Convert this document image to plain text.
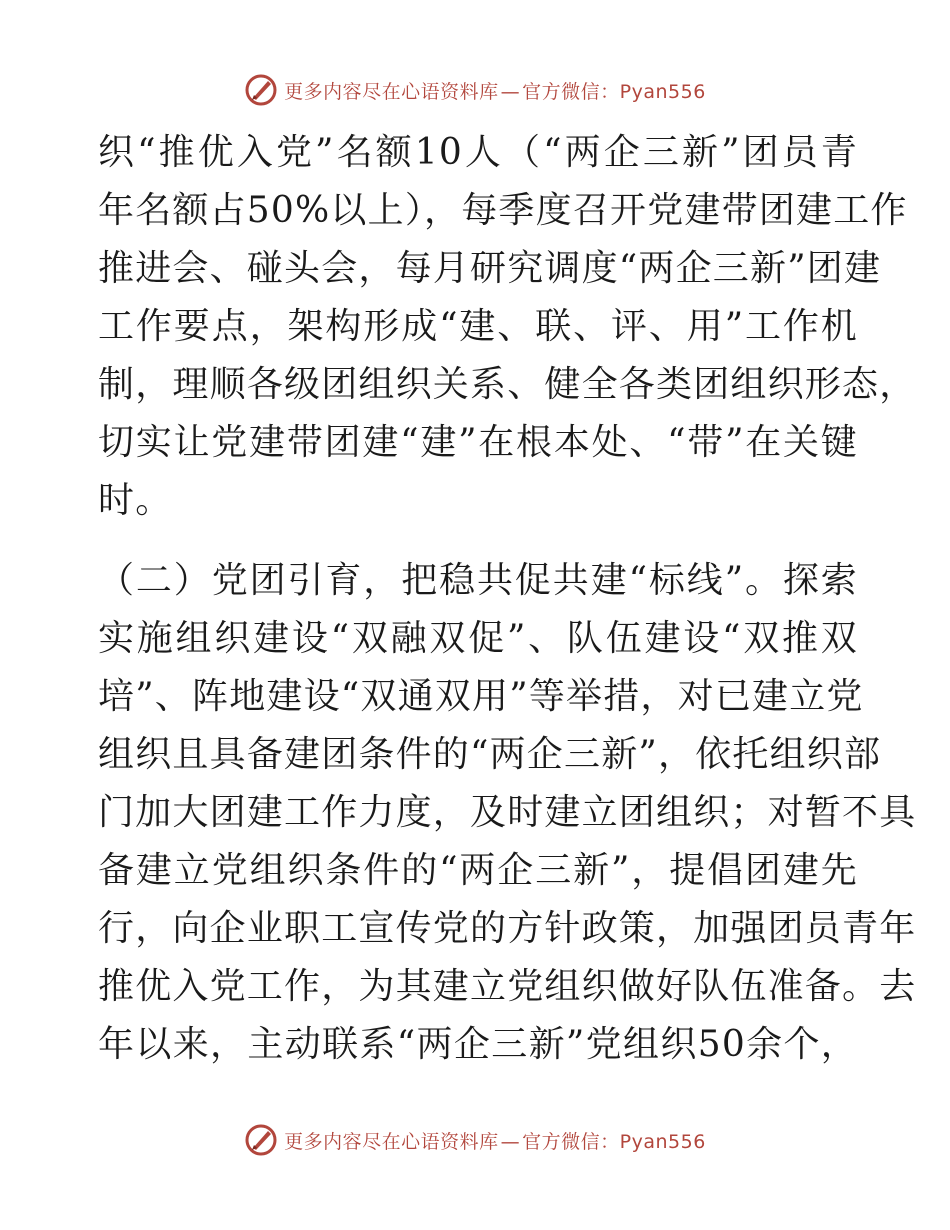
更多内容尽在心语资料库 — 官方微信：Pyan556
织“推优入党”名额10人（“两企三新”团员青
年名额占50%以上），每季度召开党建带团建工作
推进会、碰头会，每月研究调度“两企三新”团建
工作要点，架构形成“建、联、评、用”工作机
制，理顺各级团组织关系、健全各类团组织形态，
切实让党建带团建“建”在根本处、“带”在关键
时。
（二）党团引育，把稳共促共建“标线”。探索
实施组织建设“双融双促”、队伍建设“双推双
培”、阵地建设“双通双用”等举措，对已建立党
组织且具备建团条件的“两企三新”，依托组织部
门加大团建工作力度，及时建立团组织；对暂不具
备建立党组织条件的“两企三新”，提倡团建先
行，向企业职工宣传党的方针政策，加强团员青年
推优入党工作，为其建立党组织做好队伍准备。去
年以来，主动联系“两企三新”党组织50余个，
更多内容尽在心语资料库 — 官方微信：Pyan556
